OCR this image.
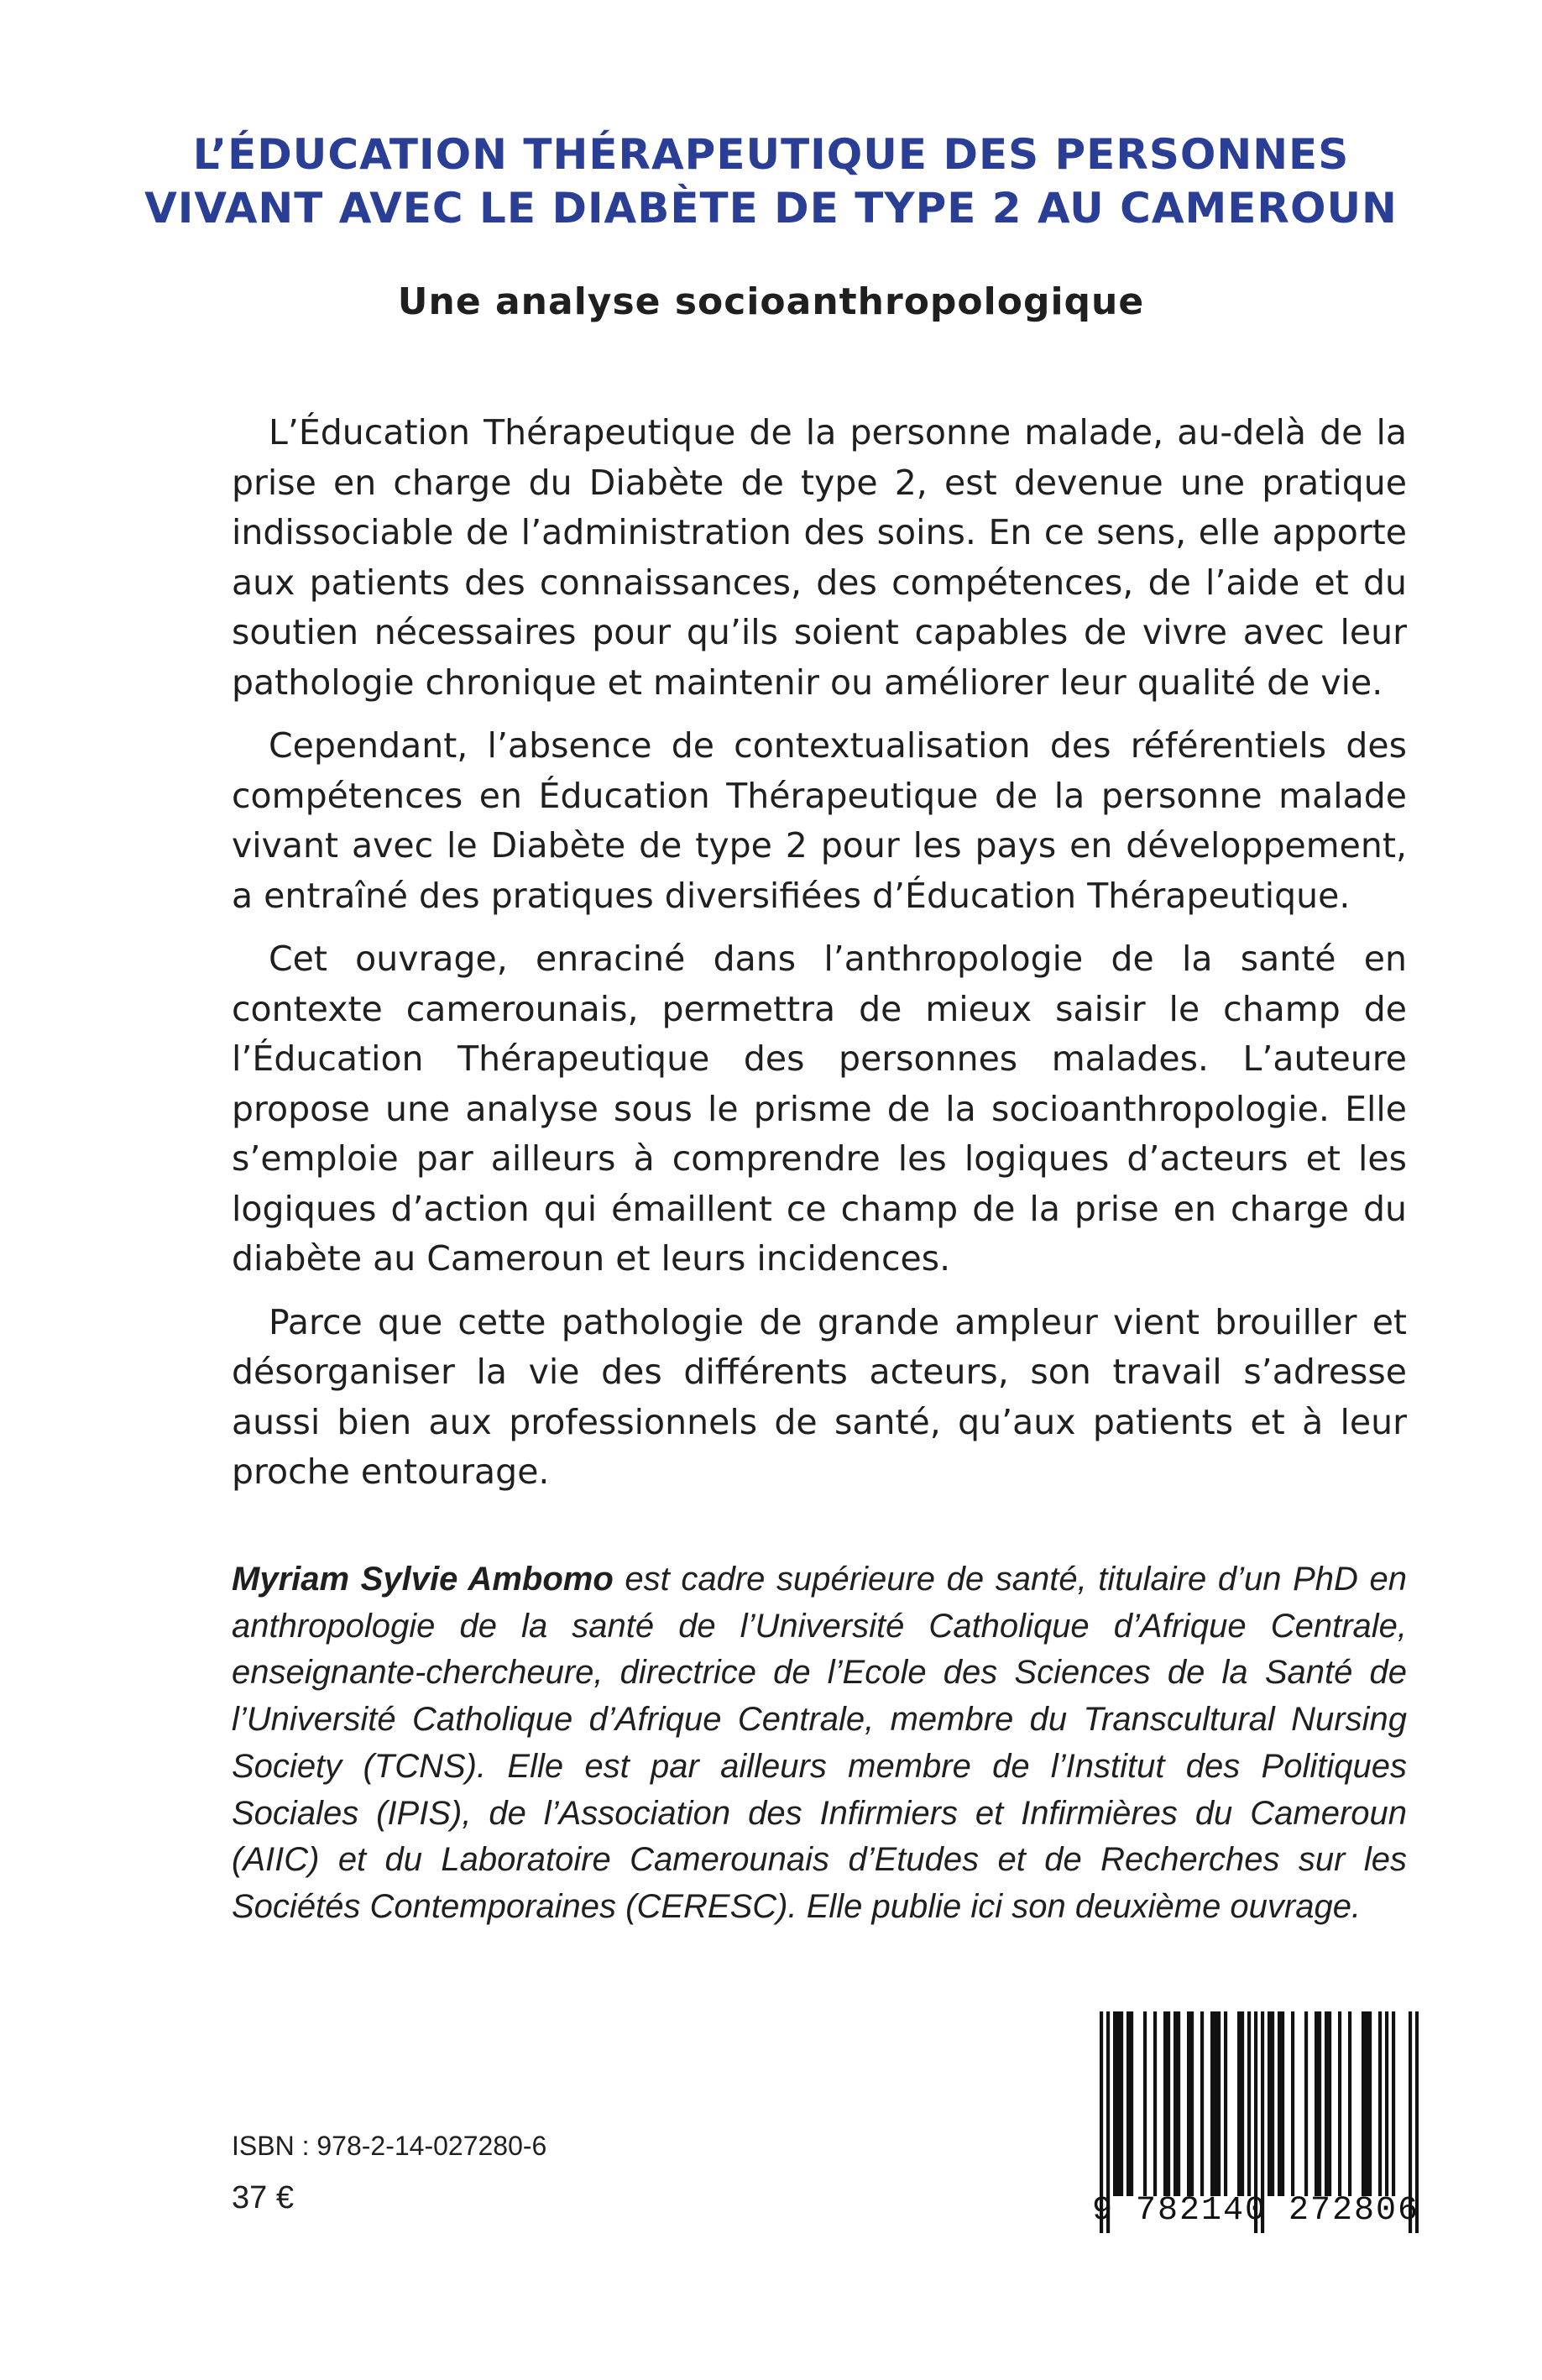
L’ÉDUCATION THÉRAPEUTIQUE DES PERSONNES
VIVANT AVEC LE DIABÈTE DE TYPE 2 AU CAMEROUN
Une analyse socioanthropologique

L’Éducation Thérapeutique de la personne malade, au-delà de la prise en charge du Diabète de type 2, est devenue une pratique indissociable de l’administration des soins. En ce sens, elle apporte aux patients des connaissances, des compétences, de l’aide et du soutien nécessaires pour qu’ils soient capables de vivre avec leur pathologie chronique et maintenir ou améliorer leur qualité de vie.

Cependant, l’absence de contextualisation des référentiels des compétences en Éducation Thérapeutique de la personne malade vivant avec le Diabète de type 2 pour les pays en développement, a entraîné des pratiques diversifiées d’Éducation Thérapeutique.

Cet ouvrage, enraciné dans l’anthropologie de la santé en contexte camerounais, permettra de mieux saisir le champ de l’Éducation Thérapeutique des personnes malades. L’auteure propose une analyse sous le prisme de la socioanthropologie. Elle s’emploie par ailleurs à comprendre les logiques d’acteurs et les logiques d’action qui émaillent ce champ de la prise en charge du diabète au Cameroun et leurs incidences.

Parce que cette pathologie de grande ampleur vient brouiller et désorganiser la vie des différents acteurs, son travail s’adresse aussi bien aux professionnels de santé, qu’aux patients et à leur proche entourage.

Myriam Sylvie Ambomo est cadre supérieure de santé, titulaire d’un PhD en anthropologie de la santé de l’Université Catholique d’Afrique Centrale, enseignante-chercheure, directrice de l’Ecole des Sciences de la Santé de l’Université Catholique d’Afrique Centrale, membre du Transcultural Nursing Society (TCNS). Elle est par ailleurs membre de l’Institut des Politiques Sociales (IPIS), de l’Association des Infirmiers et Infirmières du Cameroun (AIIC) et du Laboratoire Camerounais d’Etudes et de Recherches sur les Sociétés Contemporaines (CERESC). Elle publie ici son deuxième ouvrage.

ISBN : 978-2-14-027280-6
37 €	9 782140 272806
